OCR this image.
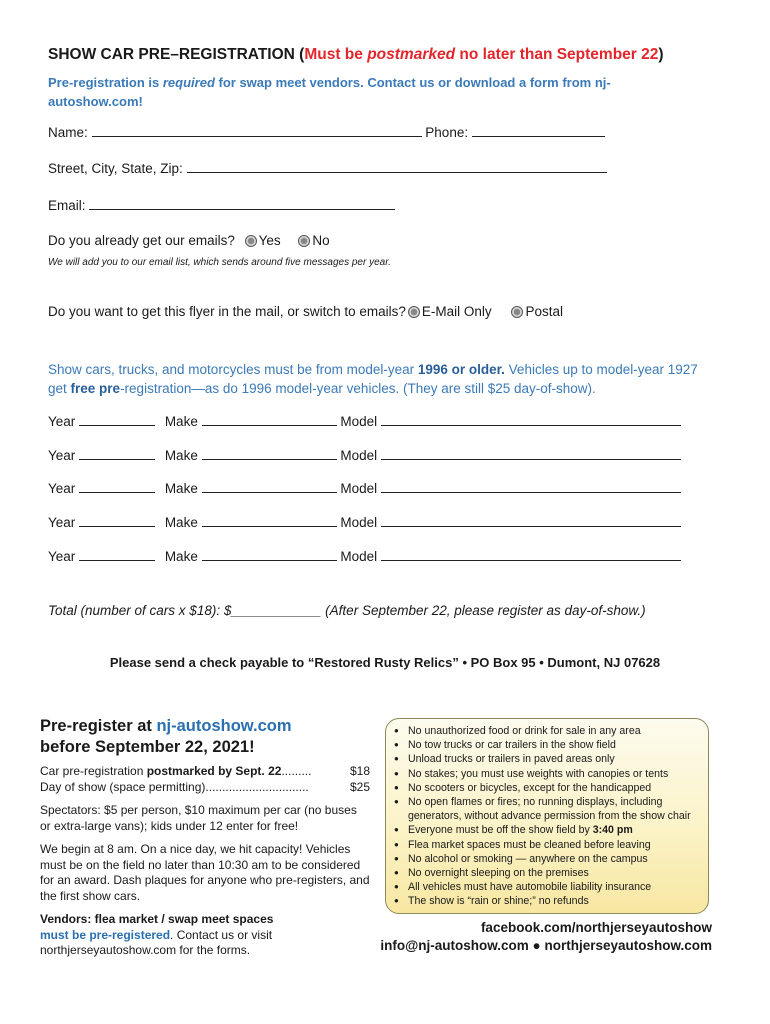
SHOW CAR PRE–REGISTRATION (Must be postmarked no later than September 22)
Pre-registration is required for swap meet vendors. Contact us or download a form from nj-autoshow.com!
Name:	Phone:
Street, City, State, Zip:
Email:
Do you already get our emails? Yes No
We will add you to our email list, which sends around five messages per year.
Do you want to get this flyer in the mail, or switch to emails? E-Mail Only	Postal
Show cars, trucks, and motorcycles must be from model-year 1996 or older. Vehicles up to model-year 1927 get free pre-registration—as do 1996 model-year vehicles. (They are still $25 day-of-show).
Year	Make	Model
Year	Make	Model
Year	Make	Model
Year	Make	Model
Year	Make	Model
Total (number of cars x $18): $____________ (After September 22, please register as day-of-show.)
Please send a check payable to “Restored Rusty Relics” • PO Box 95 • Dumont, NJ 07628
Pre-register at nj-autoshow.com
before September 22, 2021!
Car pre-registration postmarked by Sept. 22.........	$18
Day of show (space permitting)...............................	$25

Spectators: $5 per person, $10 maximum per car (no buses or extra-large vans); kids under 12 enter for free!

We begin at 8 am. On a nice day, we hit capacity! Vehicles must be on the field no later than 10:30 am to be considered for an award. Dash plaques for anyone who pre-registers, and the first show cars.

Vendors: flea market / swap meet spaces
must be pre-registered. Contact us or visit northjerseyautoshow.com for the forms.

● No unauthorized food or drink for sale in any area
● No tow trucks or car trailers in the show field
● Unload trucks or trailers in paved areas only
● No stakes; you must use weights with canopies or tents
● No scooters or bicycles, except for the handicapped
● No open flames or fires; no running displays, including generators, without advance permission from the show chair
● Everyone must be off the show field by 3:40 pm
● Flea market spaces must be cleaned before leaving
● No alcohol or smoking — anywhere on the campus
● No overnight sleeping on the premises
● All vehicles must have automobile liability insurance
● The show is “rain or shine;” no refunds
facebook.com/northjerseyautoshow
info@nj-autoshow.com ● northjerseyautoshow.com
